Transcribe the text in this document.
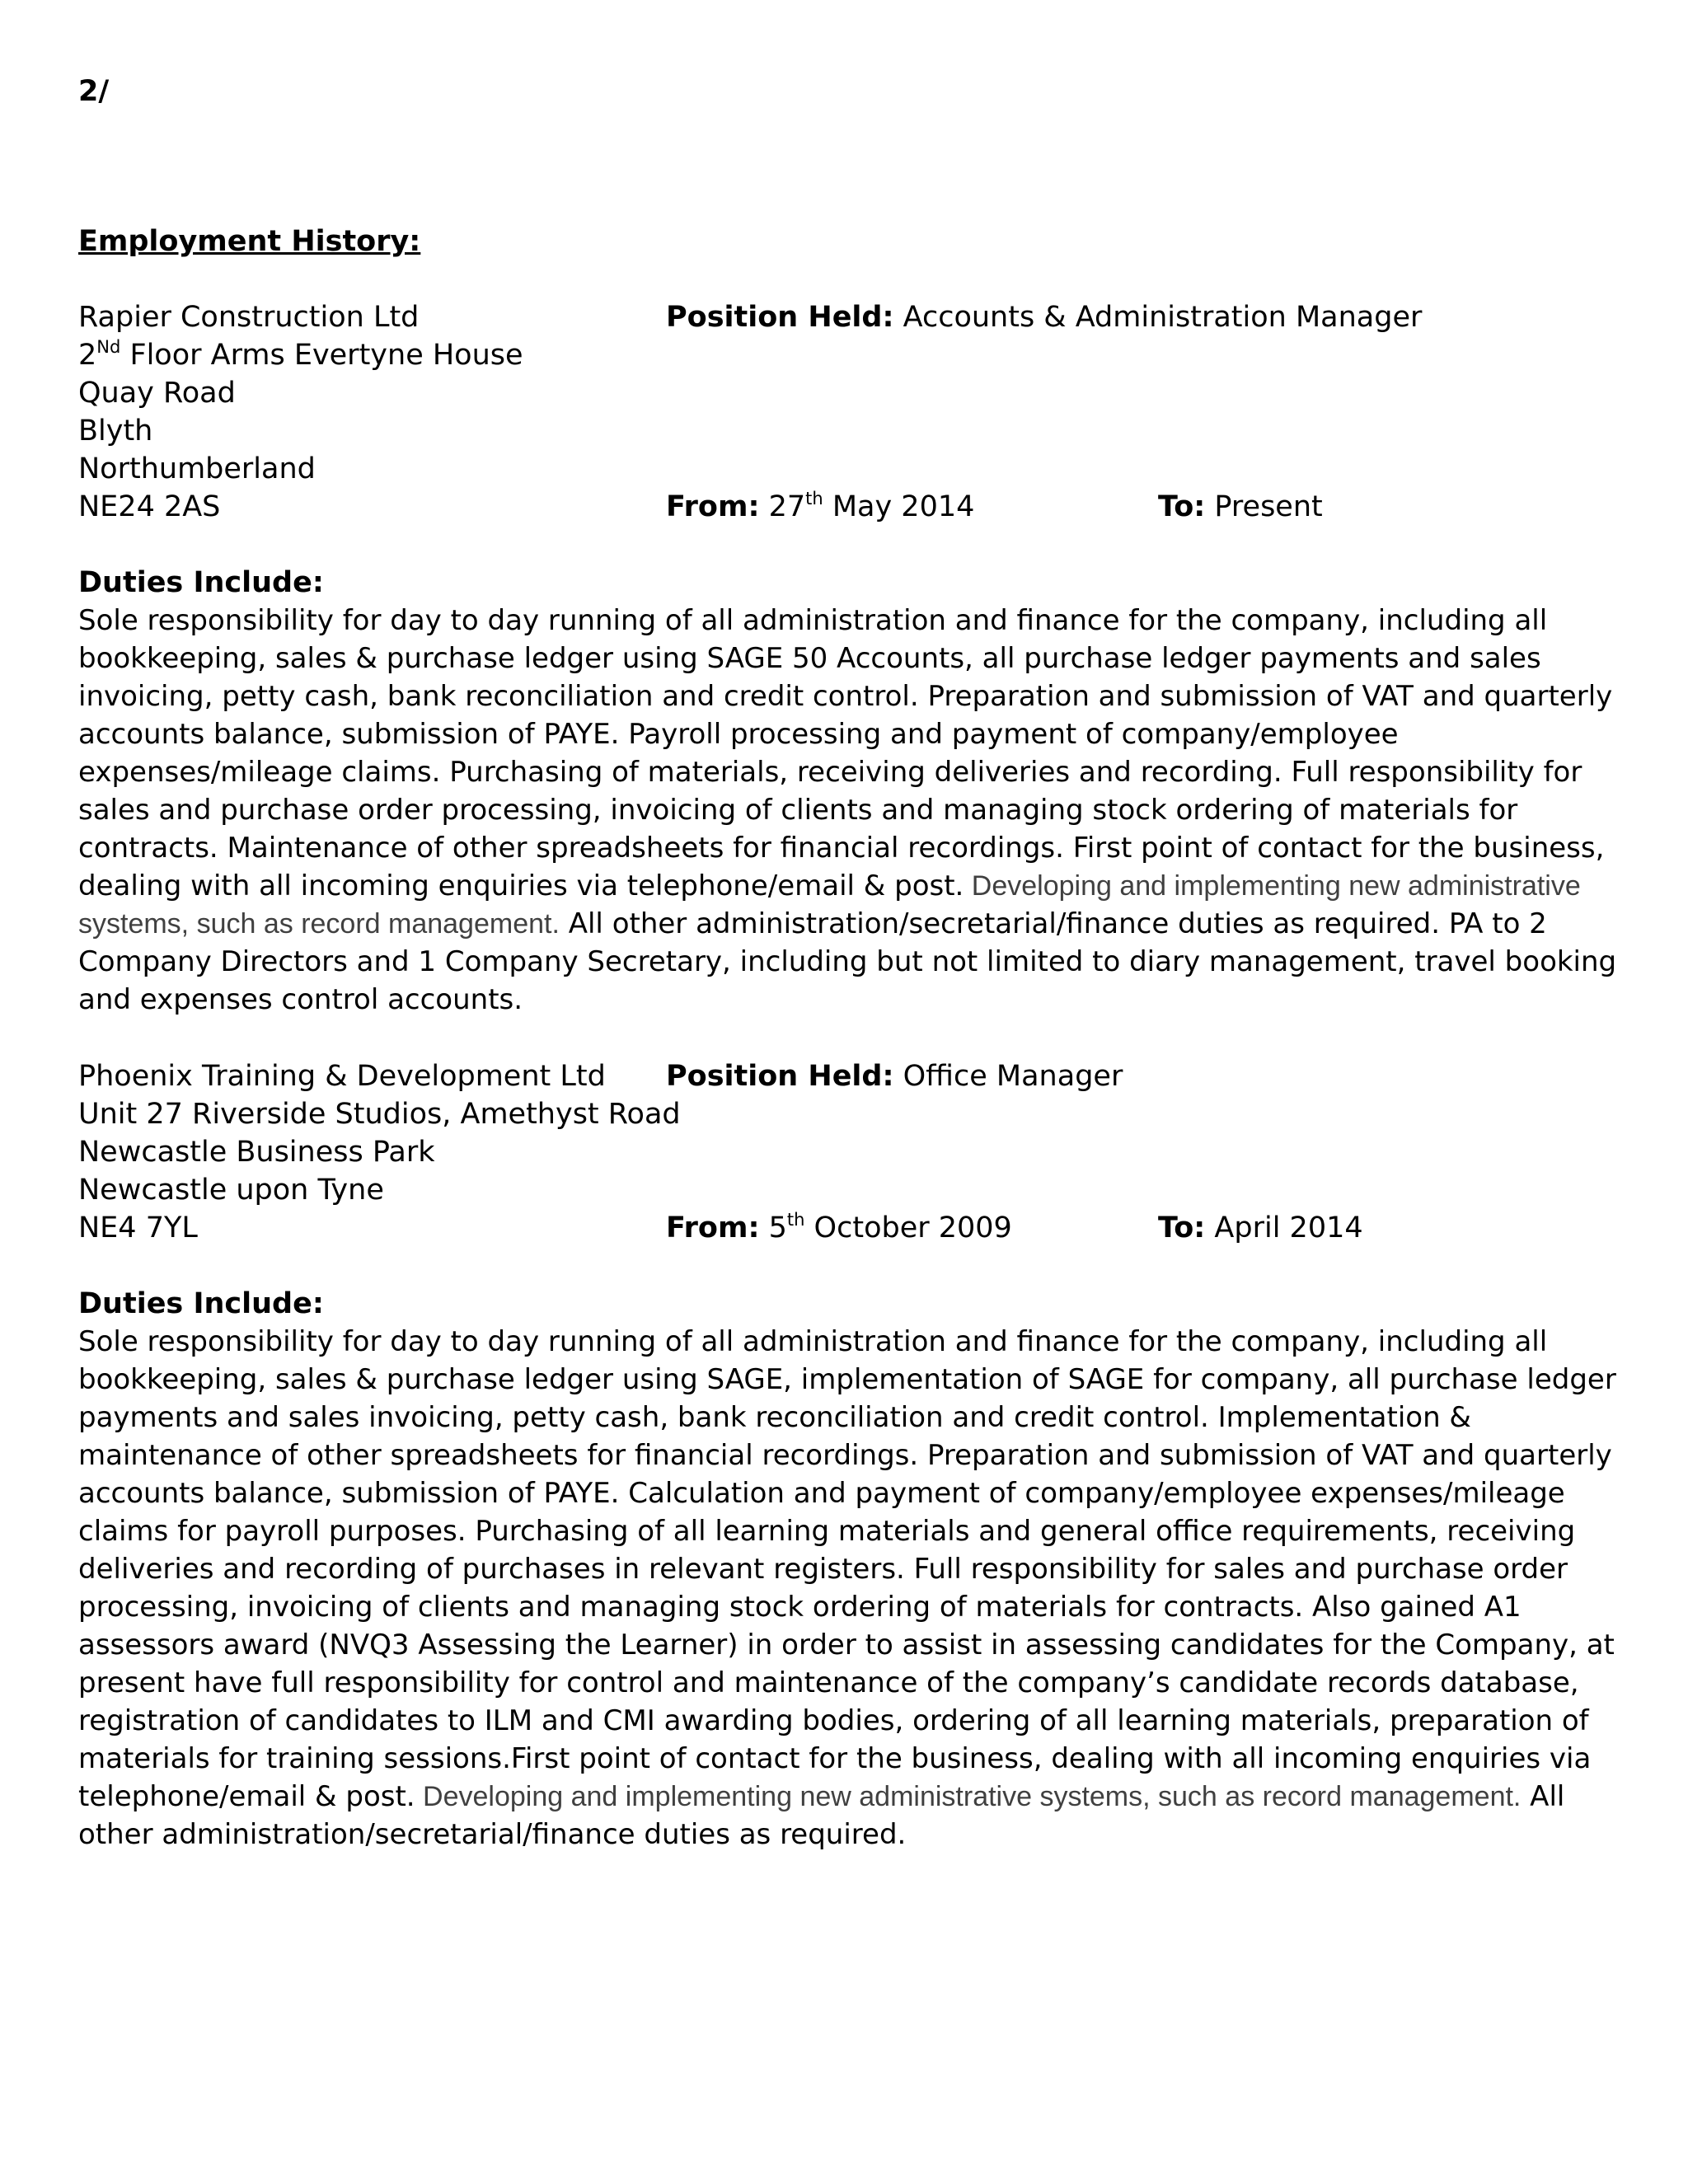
2/
Employment History:
Rapier Construction Ltd
2Nd Floor Arms Evertyne House
Quay Road
Blyth
Northumberland
NE24 2AS
Position Held: Accounts & Administration Manager
From: 27th May 2014	To: Present
Duties Include:
Sole responsibility for day to day running of all administration and finance for the company, including all bookkeeping, sales & purchase ledger using SAGE 50 Accounts, all purchase ledger payments and sales invoicing, petty cash, bank reconciliation and credit control. Preparation and submission of VAT and quarterly accounts balance, submission of PAYE. Payroll processing and payment of company/employee expenses/mileage claims. Purchasing of materials, receiving deliveries and recording. Full responsibility for sales and purchase order processing, invoicing of clients and managing stock ordering of materials for contracts. Maintenance of other spreadsheets for financial recordings. First point of contact for the business, dealing with all incoming enquiries via telephone/email & post. Developing and implementing new administrative systems, such as record management. All other administration/secretarial/finance duties as required. PA to 2 Company Directors and 1 Company Secretary, including but not limited to diary management, travel booking and expenses control accounts.
Phoenix Training & Development Ltd
Unit 27 Riverside Studios, Amethyst Road
Newcastle Business Park
Newcastle upon Tyne
NE4 7YL
Position Held: Office Manager
From: 5th October 2009	To: April 2014
Duties Include:
Sole responsibility for day to day running of all administration and finance for the company, including all bookkeeping, sales & purchase ledger using SAGE, implementation of SAGE for company, all purchase ledger payments and sales invoicing, petty cash, bank reconciliation and credit control. Implementation & maintenance of other spreadsheets for financial recordings. Preparation and submission of VAT and quarterly accounts balance, submission of PAYE. Calculation and payment of company/employee expenses/mileage claims for payroll purposes. Purchasing of all learning materials and general office requirements, receiving deliveries and recording of purchases in relevant registers. Full responsibility for sales and purchase order processing, invoicing of clients and managing stock ordering of materials for contracts. Also gained A1 assessors award (NVQ3 Assessing the Learner) in order to assist in assessing candidates for the Company, at present have full responsibility for control and maintenance of the company’s candidate records database, registration of candidates to ILM and CMI awarding bodies, ordering of all learning materials, preparation of materials for training sessions.First point of contact for the business, dealing with all incoming enquiries via telephone/email & post. Developing and implementing new administrative systems, such as record management. All other administration/secretarial/finance duties as required.
